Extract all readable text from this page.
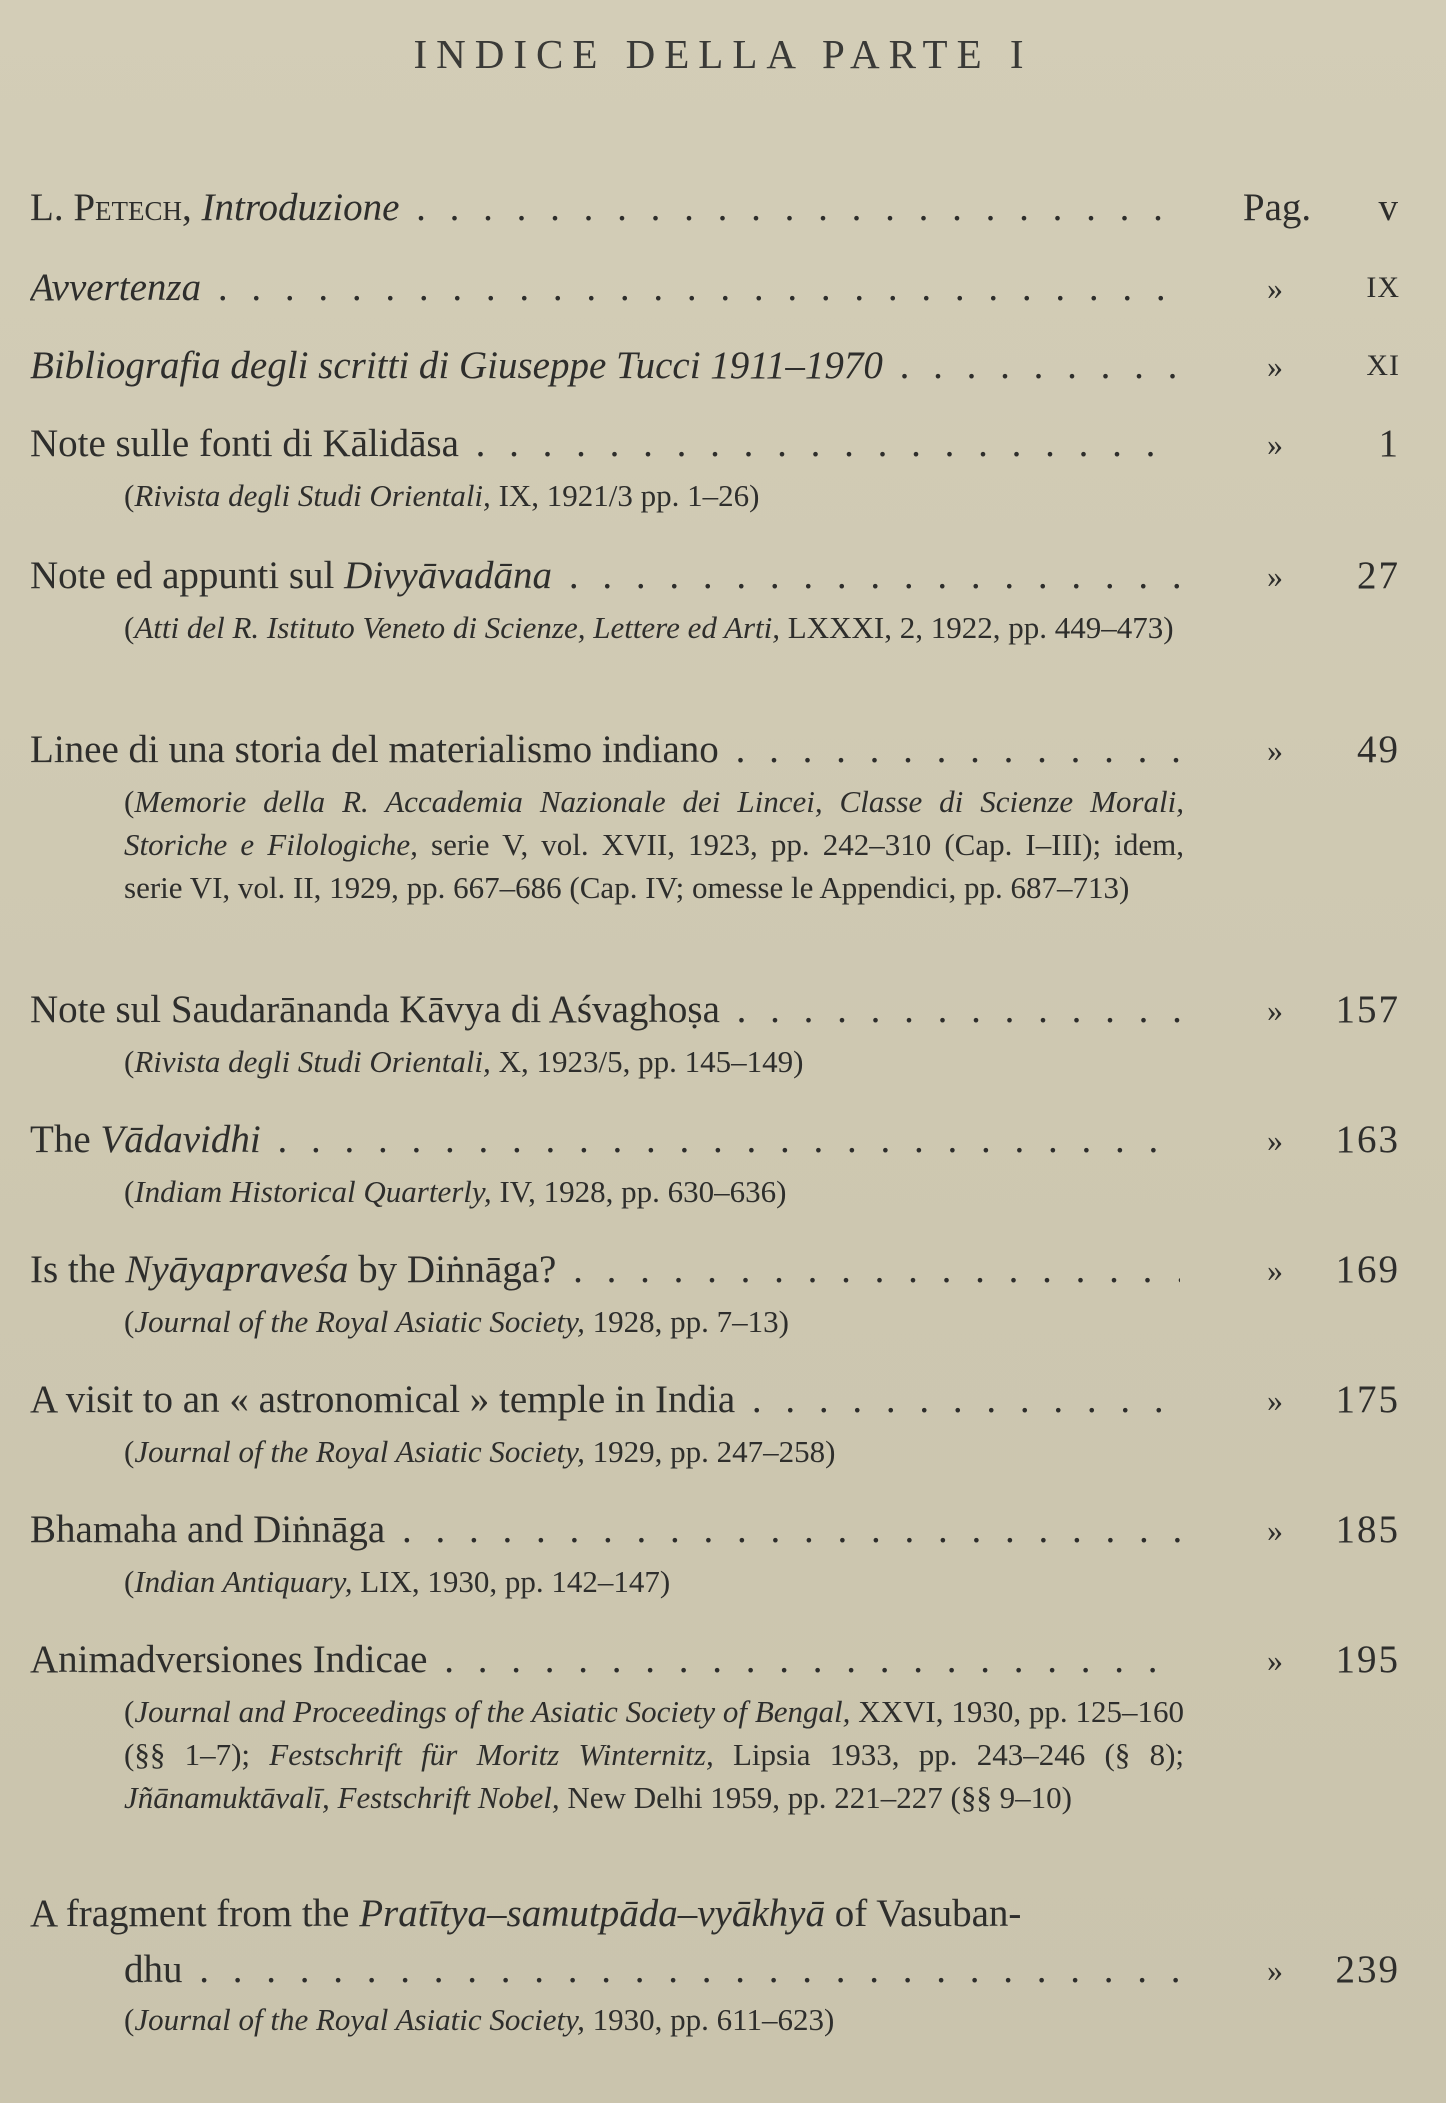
INDICE DELLA PARTE I
L. Petech, Introduzione . . .	Pag.	v
Avvertenza . . .	»	IX
Bibliografia degli scritti di Giuseppe Tucci 1911–1970 . . .	»	XI
Note sulle fonti di Kālidāsa . . .	»	1
(Rivista degli Studi Orientali, IX, 1921/3 pp. 1–26)
Note ed appunti sul Divyāvadāna . . .	»	27
(Atti del R. Istituto Veneto di Scienze, Lettere ed Arti, LXXXI, 2, 1922, pp. 449–473)
Linee di una storia del materialismo indiano . . .	»	49
(Memorie della R. Accademia Nazionale dei Lincei, Classe di Scienze Morali, Storiche e Filologiche, serie V, vol. XVII, 1923, pp. 242–310 (Cap. I–III); idem, serie VI, vol. II, 1929, pp. 667–686 (Cap. IV; omesse le Appendici, pp. 687–713)
Note sul Saudarānanda Kāvya di Aśvaghoṣa . . .	»	157
(Rivista degli Studi Orientali, X, 1923/5, pp. 145–149)
The Vādavidhi . . .	»	163
(Indiam Historical Quarterly, IV, 1928, pp. 630–636)
Is the Nyāyapraveśa by Diṅnāga? . . .	»	169
(Journal of the Royal Asiatic Society, 1928, pp. 7–13)
A visit to an « astronomical » temple in India . . .	»	175
(Journal of the Royal Asiatic Society, 1929, pp. 247–258)
Bhamaha and Diṅnāga . . .	»	185
(Indian Antiquary, LIX, 1930, pp. 142–147)
Animadversiones Indicae . . .	»	195
(Journal and Proceedings of the Asiatic Society of Bengal, XXVI, 1930, pp. 125–160 (§§ 1–7); Festschrift für Moritz Winternitz, Lipsia 1933, pp. 243–246 (§ 8); Jñānamuktāvalī, Festschrift Nobel, New Delhi 1959, pp. 221–227 (§§ 9–10)
A fragment from the Pratītya–samutpāda–vyākhyā of Vasuban-
dhu . . .	»	239
(Journal of the Royal Asiatic Society, 1930, pp. 611–623)
